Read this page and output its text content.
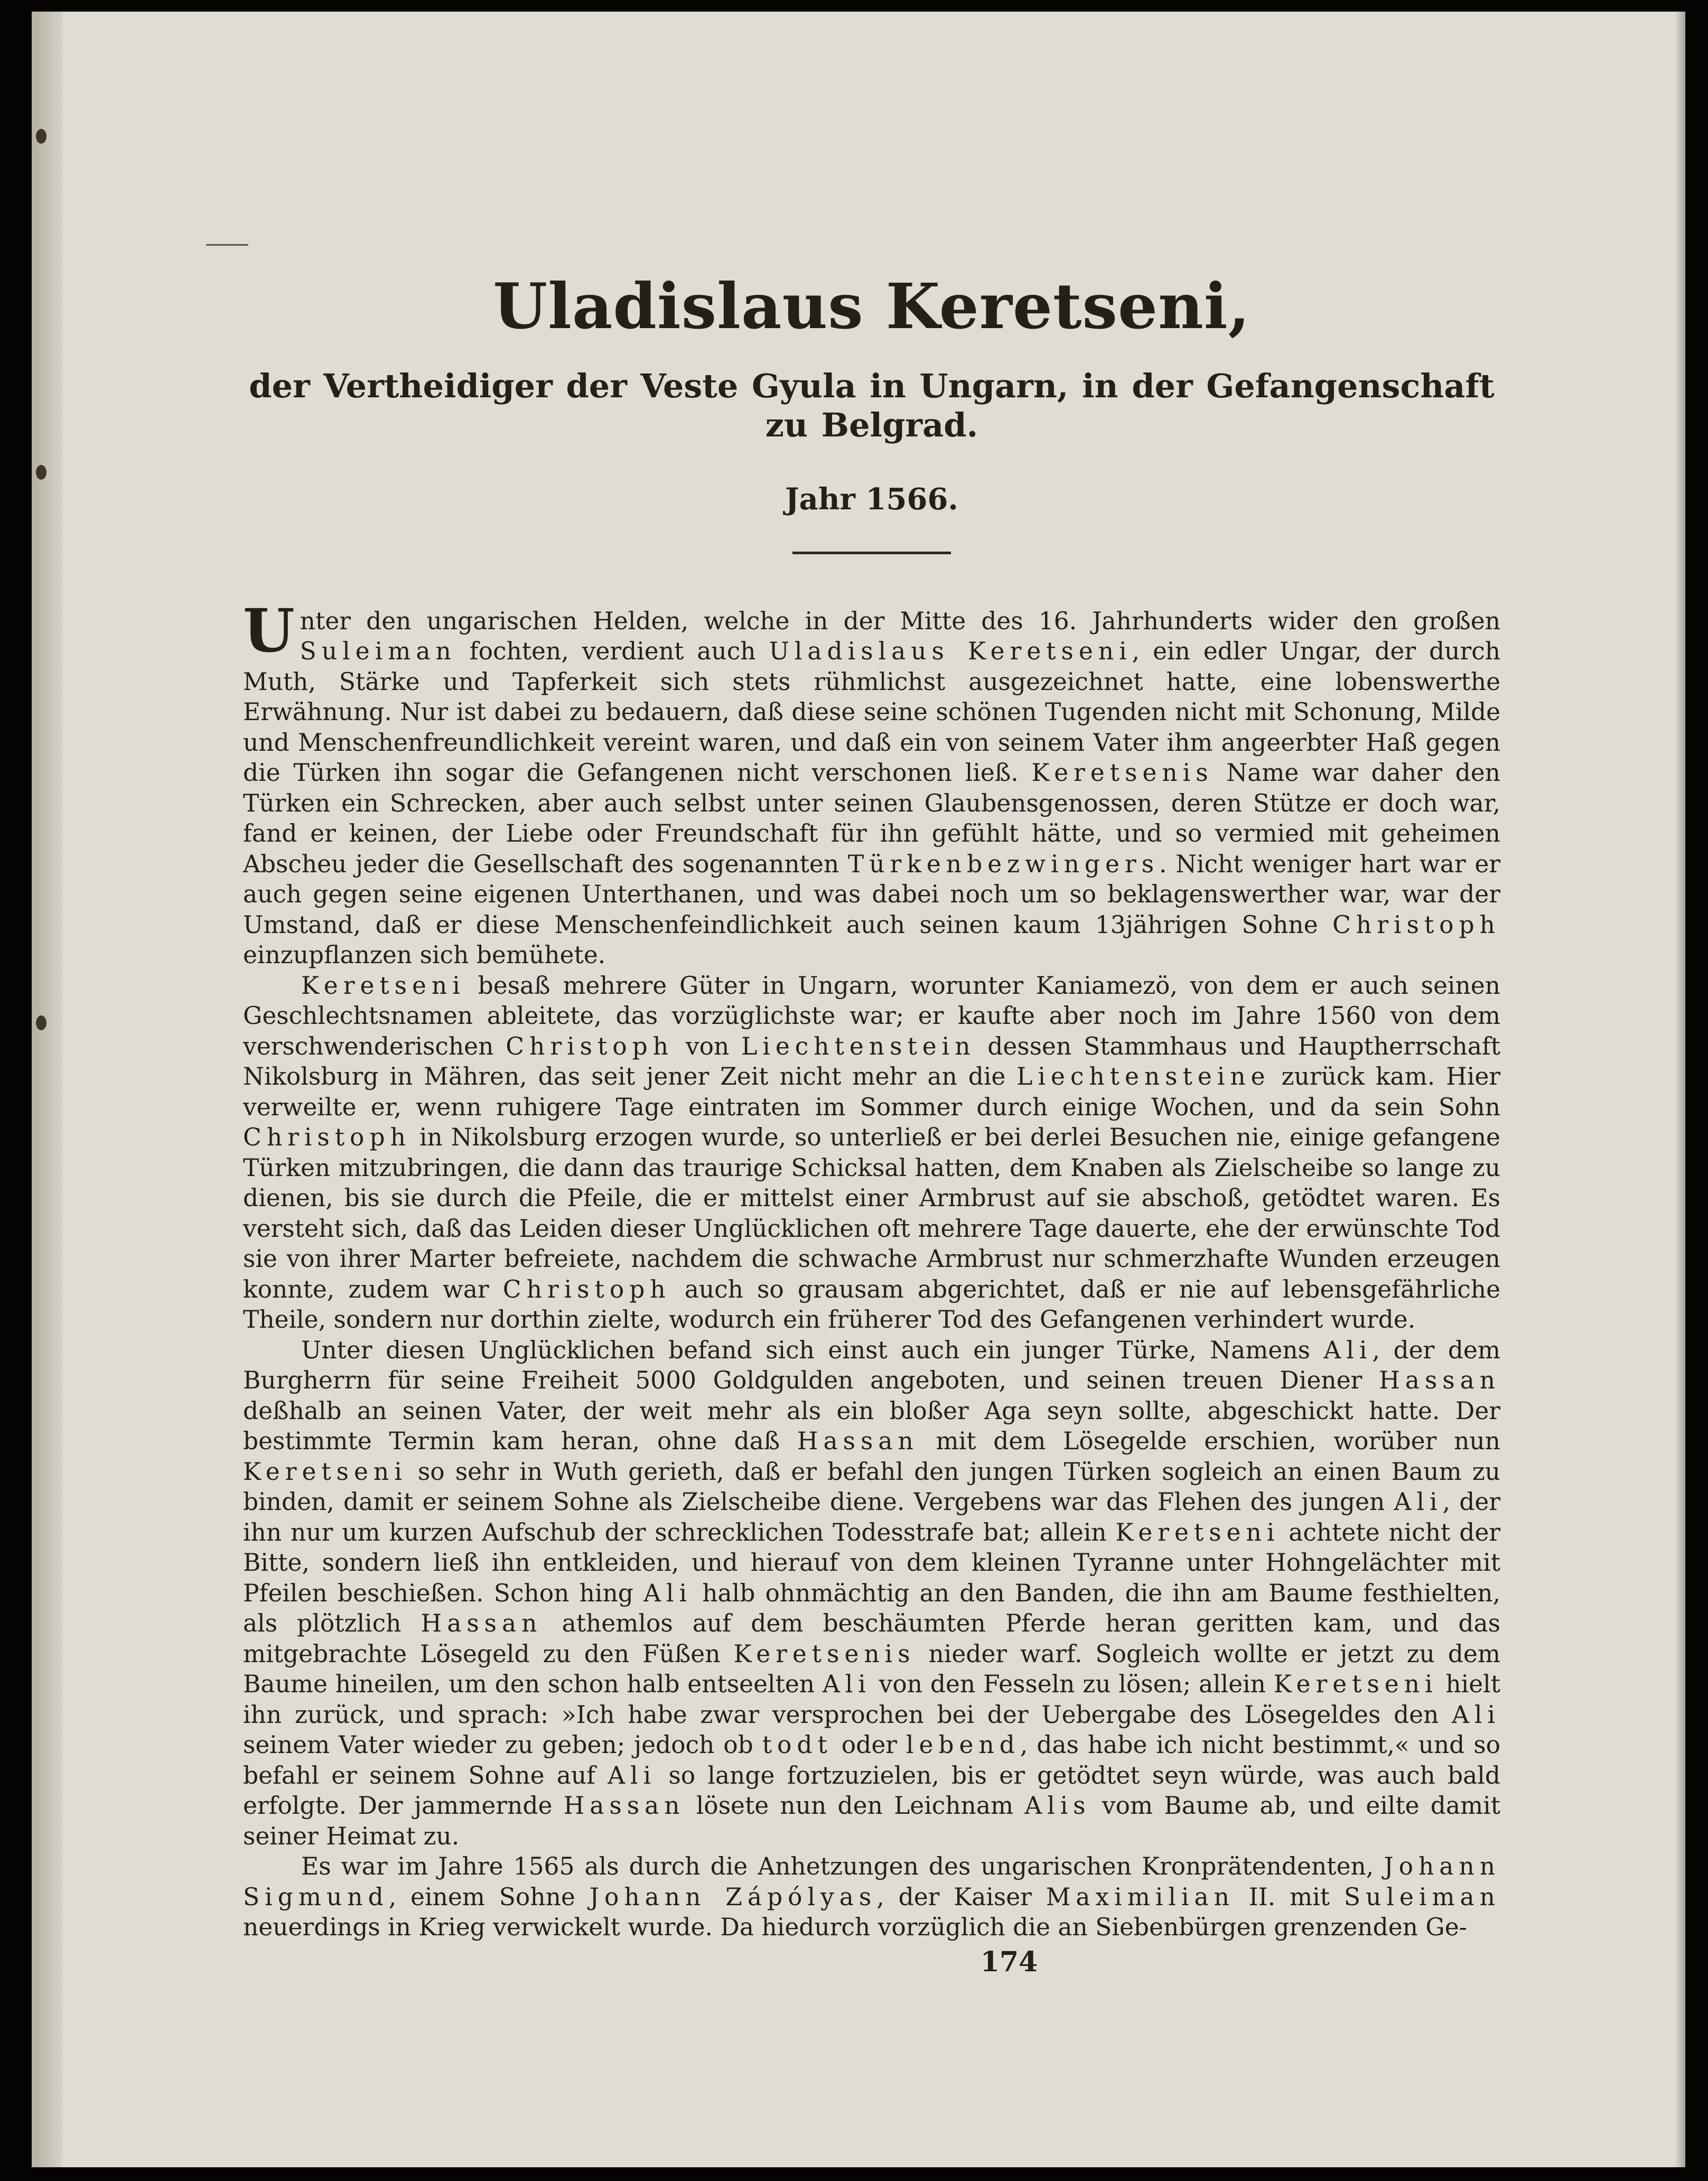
Uladislaus Keretseni,
der Vertheidiger der Veste Gyula in Ungarn, in der Gefangenschaft zu Belgrad.

Jahr 1566.

Unter den ungarischen Helden, welche in der Mitte des 16. Jahrhunderts wider den großen Suleiman fochten, verdient auch Uladislaus Keretseni, ein edler Ungar, der durch Muth, Stärke und Tapferkeit sich stets rühmlichst ausgezeichnet hatte, eine lobenswerthe Erwähnung. Nur ist dabei zu bedauern, daß diese seine schönen Tugenden nicht mit Schonung, Milde und Menschenfreundlichkeit vereint waren, und daß ein von seinem Vater ihm angeerbter Haß gegen die Türken ihn sogar die Gefangenen nicht verschonen ließ. Keretsenis Name war daher den Türken ein Schrecken, aber auch selbst unter seinen Glaubensgenossen, deren Stütze er doch war, fand er keinen, der Liebe oder Freundschaft für ihn gefühlt hätte, und so vermied mit geheimen Abscheu jeder die Gesellschaft des sogenannten Türkenbezwingers. Nicht weniger hart war er auch gegen seine eigenen Unterthanen, und was dabei noch um so beklagenswerther war, war der Umstand, daß er diese Menschenfeindlichkeit auch seinen kaum 13jährigen Sohne Christoph einzupflanzen sich bemühete.

Keretseni besaß mehrere Güter in Ungarn, worunter Kaniamezö, von dem er auch seinen Geschlechtsnamen ableitete, das vorzüglichste war; er kaufte aber noch im Jahre 1560 von dem verschwenderischen Christoph von Liechtenstein dessen Stammhaus und Hauptherrschaft Nikolsburg in Mähren, das seit jener Zeit nicht mehr an die Liechtensteine zurück kam. Hier verweilte er, wenn ruhigere Tage eintraten im Sommer durch einige Wochen, und da sein Sohn Christoph in Nikolsburg erzogen wurde, so unterließ er bei derlei Besuchen nie, einige gefangene Türken mitzubringen, die dann das traurige Schicksal hatten, dem Knaben als Zielscheibe so lange zu dienen, bis sie durch die Pfeile, die er mittelst einer Armbrust auf sie abschoß, getödtet waren. Es versteht sich, daß das Leiden dieser Unglücklichen oft mehrere Tage dauerte, ehe der erwünschte Tod sie von ihrer Marter befreiete, nachdem die schwache Armbrust nur schmerzhafte Wunden erzeugen konnte, zudem war Christoph auch so grausam abgerichtet, daß er nie auf lebensgefährliche Theile, sondern nur dorthin zielte, wodurch ein früherer Tod des Gefangenen verhindert wurde.

Unter diesen Unglücklichen befand sich einst auch ein junger Türke, Namens Ali, der dem Burgherrn für seine Freiheit 5000 Goldgulden angeboten, und seinen treuen Diener Hassan deßhalb an seinen Vater, der weit mehr als ein bloßer Aga seyn sollte, abgeschickt hatte. Der bestimmte Termin kam heran, ohne daß Hassan mit dem Lösegelde erschien, worüber nun Keretseni so sehr in Wuth gerieth, daß er befahl den jungen Türken sogleich an einen Baum zu binden, damit er seinem Sohne als Zielscheibe diene. Vergebens war das Flehen des jungen Ali, der ihn nur um kurzen Aufschub der schrecklichen Todesstrafe bat; allein Keretseni achtete nicht der Bitte, sondern ließ ihn entkleiden, und hierauf von dem kleinen Tyranne unter Hohngelächter mit Pfeilen beschießen. Schon hing Ali halb ohnmächtig an den Banden, die ihn am Baume festhielten, als plötzlich Hassan athemlos auf dem beschäumten Pferde heran geritten kam, und das mitgebrachte Lösegeld zu den Füßen Keretsenis nieder warf. Sogleich wollte er jetzt zu dem Baume hineilen, um den schon halb entseelten Ali von den Fesseln zu lösen; allein Keretseni hielt ihn zurück, und sprach: »Ich habe zwar versprochen bei der Uebergabe des Lösegeldes den Ali seinem Vater wieder zu geben; jedoch ob todt oder lebend, das habe ich nicht bestimmt,« und so befahl er seinem Sohne auf Ali so lange fortzuzielen, bis er getödtet seyn würde, was auch bald erfolgte. Der jammernde Hassan lösete nun den Leichnam Alis vom Baume ab, und eilte damit seiner Heimat zu.

Es war im Jahre 1565 als durch die Anhetzungen des ungarischen Kronprätendenten, Johann Sigmund, einem Sohne Johann Zápólyas, der Kaiser Maximilian II. mit Suleiman neuerdings in Krieg verwickelt wurde. Da hiedurch vorzüglich die an Siebenbürgen grenzenden Ge-

174
